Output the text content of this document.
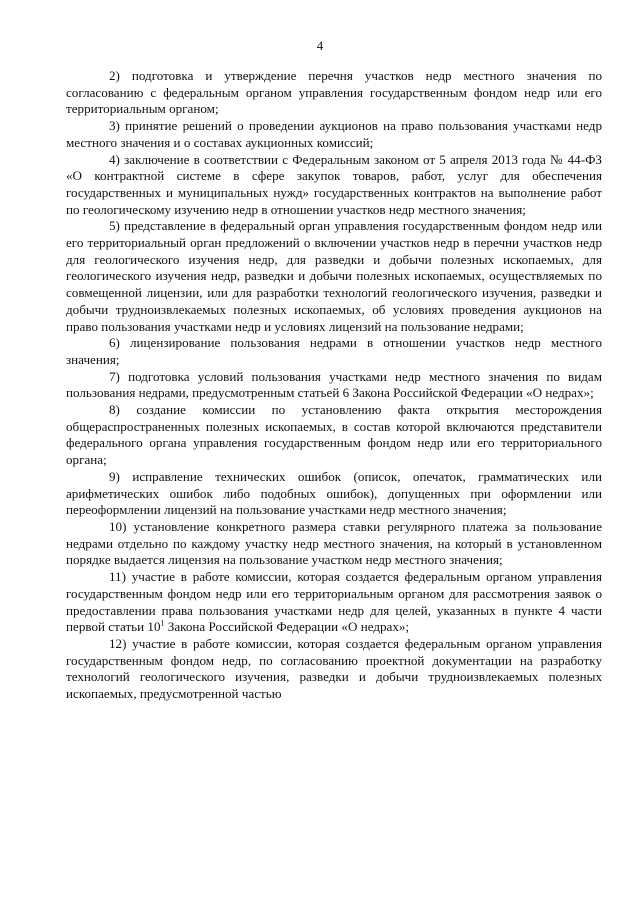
4

2) подготовка и утверждение перечня участков недр местного значения по согласованию с федеральным органом управления государственным фондом недр или его территориальным органом;

3) принятие решений о проведении аукционов на право пользования участками недр местного значения и о составах аукционных комиссий;

4) заключение в соответствии с Федеральным законом от 5 апреля 2013 года № 44-ФЗ «О контрактной системе в сфере закупок товаров, работ, услуг для обеспечения государственных и муниципальных нужд» государственных контрактов на выполнение работ по геологическому изучению недр в отношении участков недр местного значения;

5) представление в федеральный орган управления государственным фондом недр или его территориальный орган предложений о включении участков недр в перечни участков недр для геологического изучения недр, для разведки и добычи полезных ископаемых, для геологического изучения недр, разведки и добычи полезных ископаемых, осуществляемых по совмещенной лицензии, или для разработки технологий геологического изучения, разведки и добычи трудноизвлекаемых полезных ископаемых, об условиях проведения аукционов на право пользования участками недр и условиях лицензий на пользование недрами;

6) лицензирование пользования недрами в отношении участков недр местного значения;

7) подготовка условий пользования участками недр местного значения по видам пользования недрами, предусмотренным статьей 6 Закона Российской Федерации «О недрах»;

8) создание комиссии по установлению факта открытия месторождения общераспространенных полезных ископаемых, в состав которой включаются представители федерального органа управления государственным фондом недр или его территориального органа;

9) исправление технических ошибок (описок, опечаток, грамматических или арифметических ошибок либо подобных ошибок), допущенных при оформлении или переоформлении лицензий на пользование участками недр местного значения;

10) установление конкретного размера ставки регулярного платежа за пользование недрами отдельно по каждому участку недр местного значения, на который в установленном порядке выдается лицензия на пользование участком недр местного значения;

11) участие в работе комиссии, которая создается федеральным органом управления государственным фондом недр или его территориальным органом для рассмотрения заявок о предоставлении права пользования участками недр для целей, указанных в пункте 4 части первой статьи $10^1$ Закона Российской Федерации «О недрах»;

12) участие в работе комиссии, которая создается федеральным органом управления государственным фондом недр, по согласованию проектной документации на разработку технологий геологического изучения, разведки и добычи трудноизвлекаемых полезных ископаемых, предусмотренной частью
